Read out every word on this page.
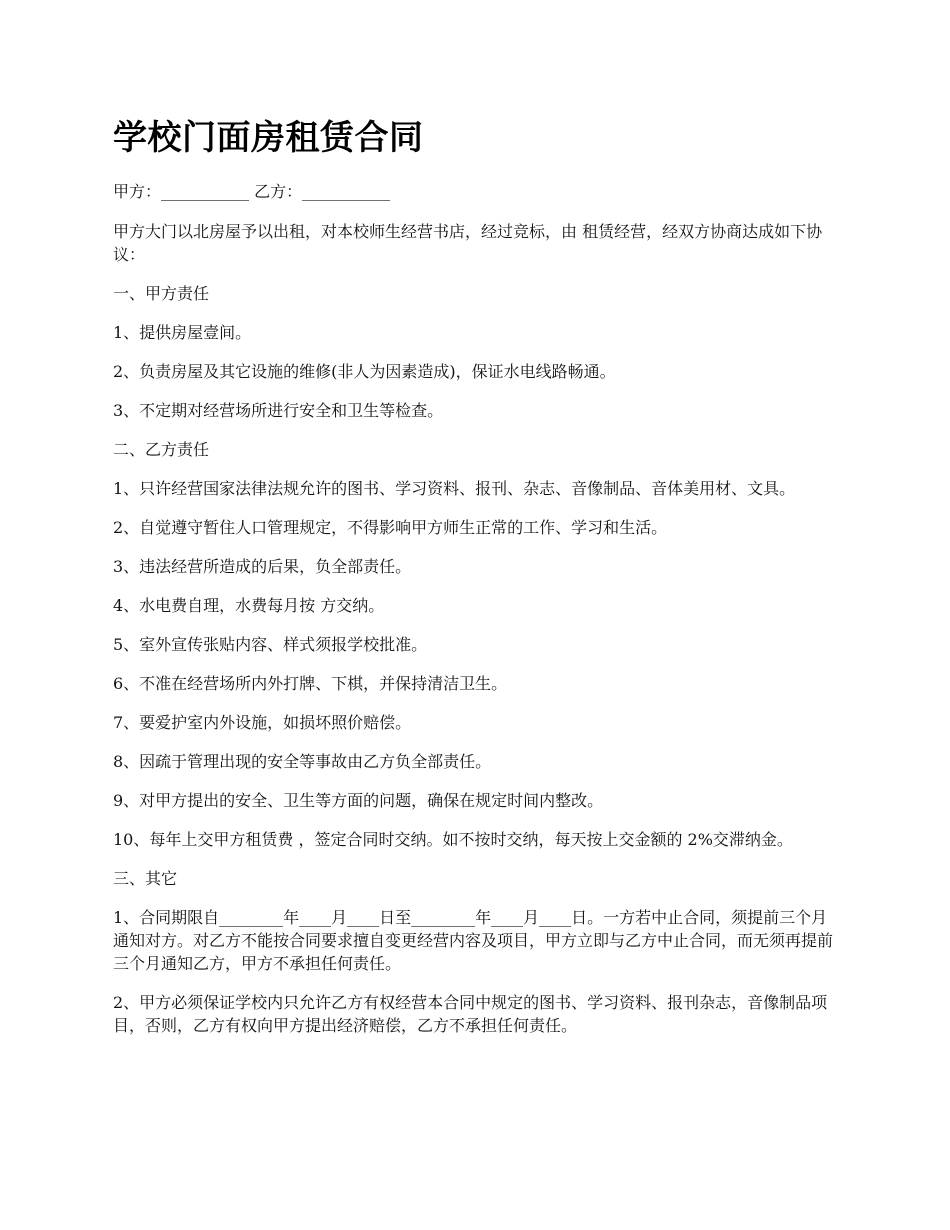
学校门面房租赁合同
甲方：___________ 乙方：___________

甲方大门以北房屋予以出租，对本校师生经营书店，经过竞标，由 租赁经营，经双方协商达成如下协议：

一、甲方责任

1、提供房屋壹间。

2、负责房屋及其它设施的维修(非人为因素造成)，保证水电线路畅通。

3、不定期对经营场所进行安全和卫生等检查。

二、乙方责任

1、只许经营国家法律法规允许的图书、学习资料、报刊、杂志、音像制品、音体美用材、文具。

2、自觉遵守暂住人口管理规定，不得影响甲方师生正常的工作、学习和生活。

3、违法经营所造成的后果，负全部责任。

4、水电费自理，水费每月按 方交纳。

5、室外宣传张贴内容、样式须报学校批准。

6、不准在经营场所内外打牌、下棋，并保持清洁卫生。

7、要爱护室内外设施，如损坏照价赔偿。

8、因疏于管理出现的安全等事故由乙方负全部责任。

9、对甲方提出的安全、卫生等方面的问题，确保在规定时间内整改。

10、每年上交甲方租赁费 ，签定合同时交纳。如不按时交纳，每天按上交金额的 2%交滞纳金。

三、其它

1、合同期限自________年____月____日至________年____月____日。一方若中止合同，须提前三个月通知对方。对乙方不能按合同要求擅自变更经营内容及项目，甲方立即与乙方中止合同，而无须再提前三个月通知乙方，甲方不承担任何责任。

2、甲方必须保证学校内只允许乙方有权经营本合同中规定的图书、学习资料、报刊杂志，音像制品项目，否则，乙方有权向甲方提出经济赔偿，乙方不承担任何责任。
